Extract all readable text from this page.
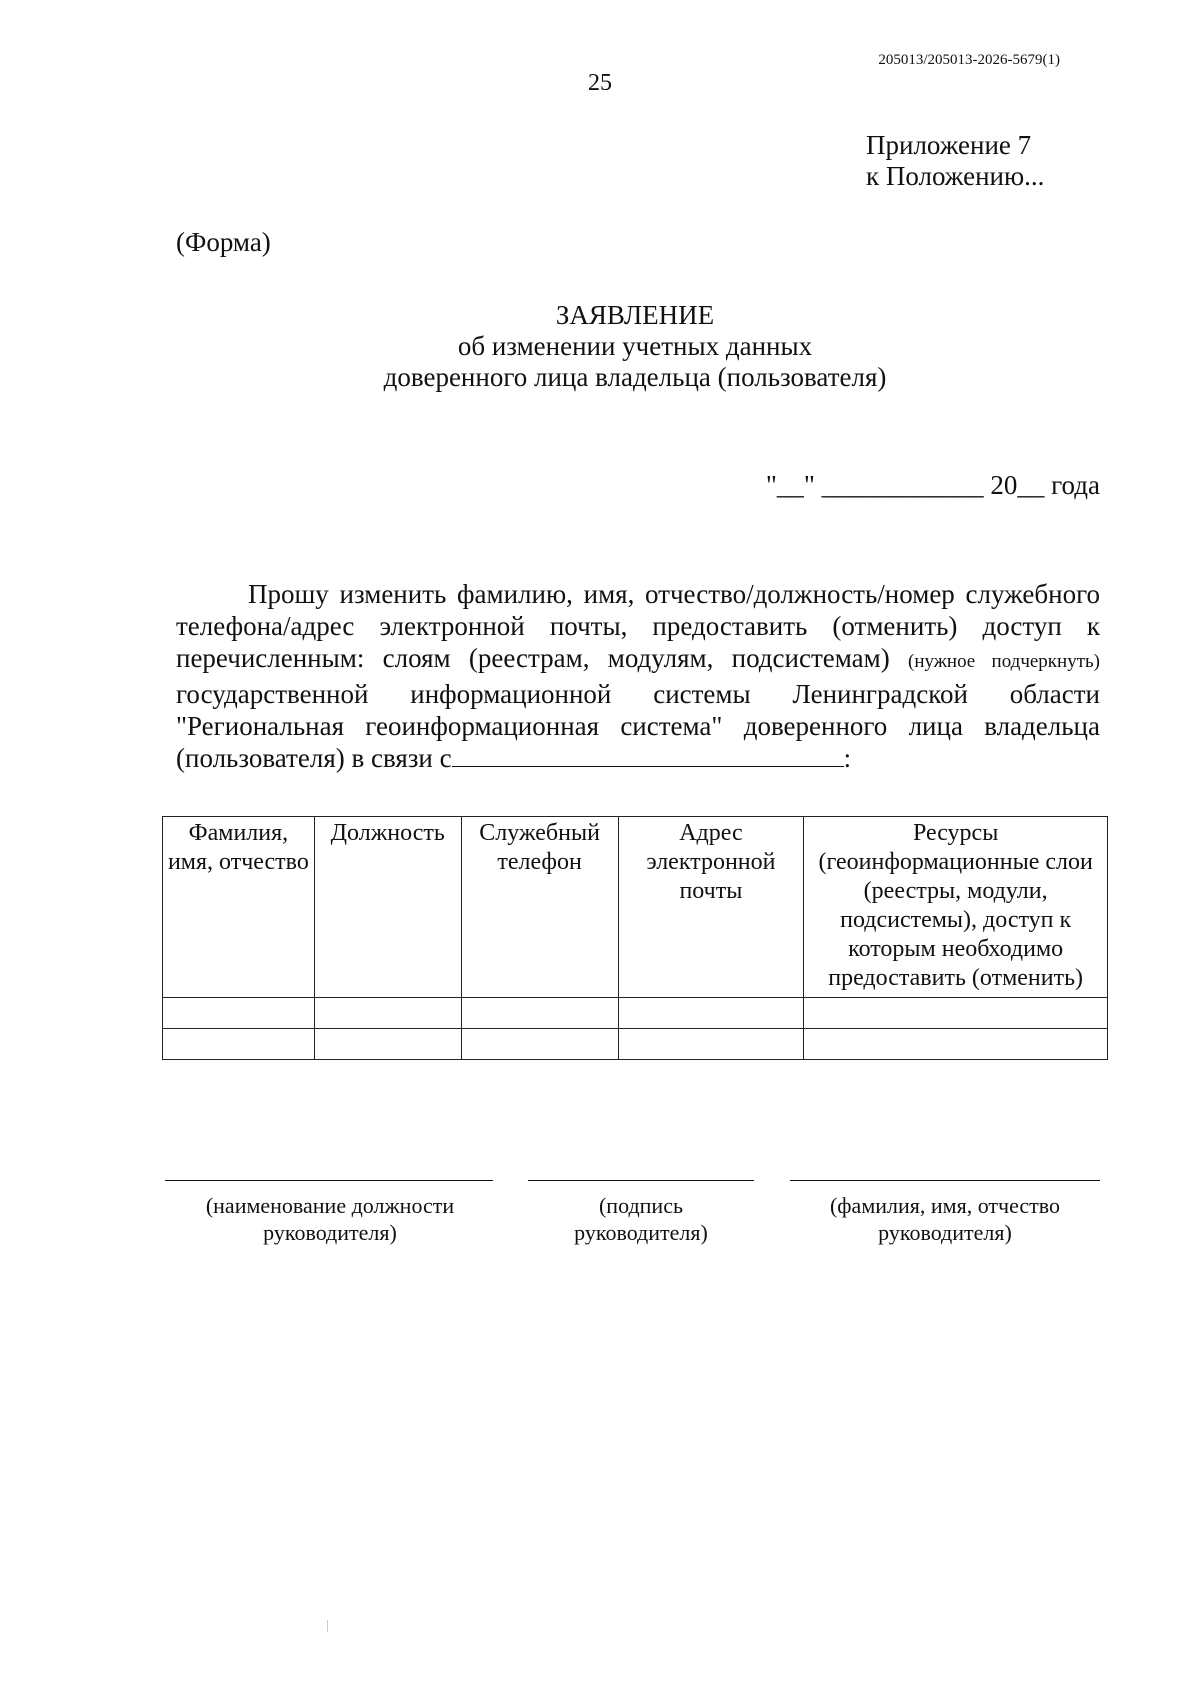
205013/205013-2026-5679(1)
25
Приложение 7
к Положению...
(Форма)
ЗАЯВЛЕНИЕ
об изменении учетных данных
доверенного лица владельца (пользователя)
"__" ____________ 20__ года

Прошу изменить фамилию, имя, отчество/должность/номер служебного телефона/адрес электронной почты, предоставить (отменить) доступ к перечисленным: слоям (реестрам, модулям, подсистемам) (нужное подчеркнуть) государственной информационной системы Ленинградской области "Региональная геоинформационная система" доверенного лица владельца (пользователя) в связи с	:

Фамилия, имя, отчество	Должность	Служебный телефон	Адрес электронной почты	Ресурсы (геоинформационные слои (реестры, модули, подсистемы), доступ к которым необходимо предоставить (отменить)

(наименование должности
руководителя)
(подпись
руководителя)
(фамилия, имя, отчество
руководителя)
